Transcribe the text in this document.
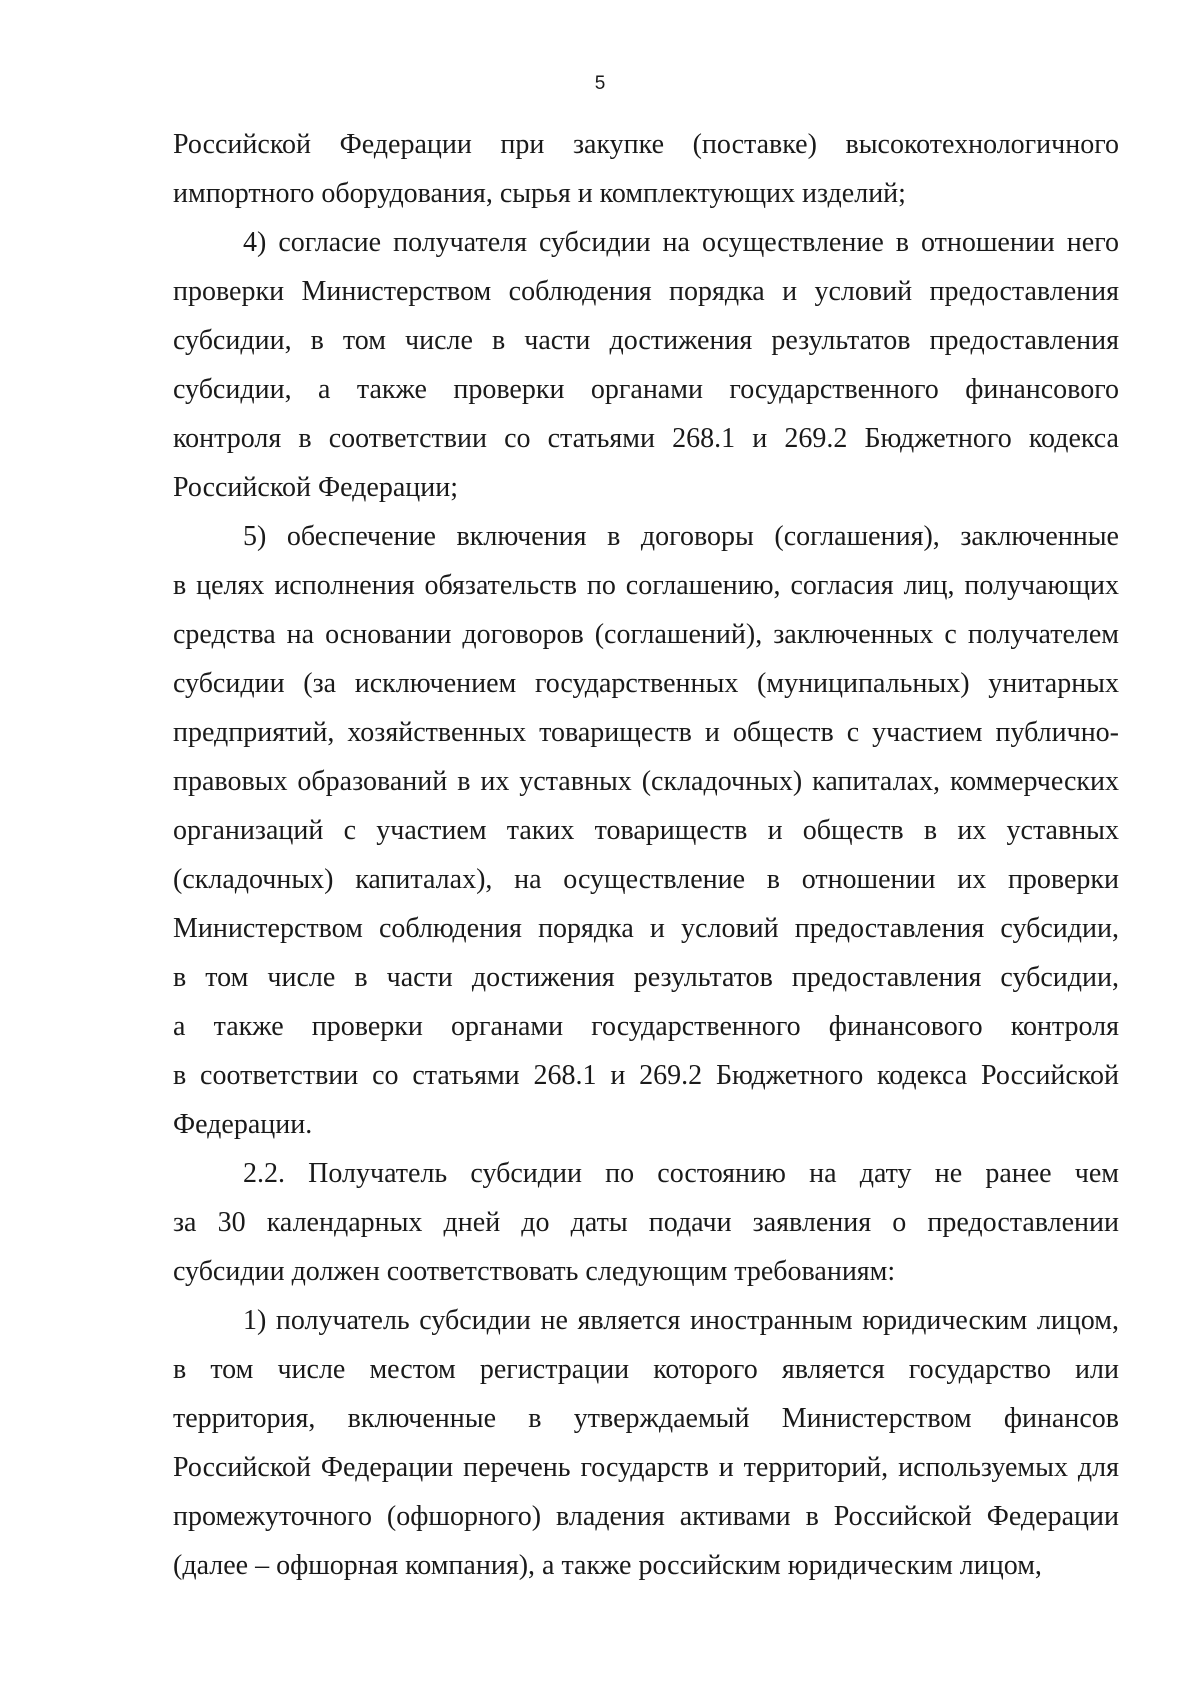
5
Российской Федерации при закупке (поставке) высокотехнологичного
импортного оборудования, сырья и комплектующих изделий;
4) согласие получателя субсидии на осуществление в отношении него
проверки Министерством соблюдения порядка и условий предоставления
субсидии, в том числе в части достижения результатов предоставления
субсидии, а также проверки органами государственного финансового
контроля в соответствии со статьями 268.1 и 269.2 Бюджетного кодекса
Российской Федерации;
5) обеспечение включения в договоры (соглашения), заключенные
в целях исполнения обязательств по соглашению, согласия лиц, получающих
средства на основании договоров (соглашений), заключенных с получателем
субсидии (за исключением государственных (муниципальных) унитарных
предприятий, хозяйственных товариществ и обществ с участием публично-
правовых образований в их уставных (складочных) капиталах, коммерческих
организаций с участием таких товариществ и обществ в их уставных
(складочных) капиталах), на осуществление в отношении их проверки
Министерством соблюдения порядка и условий предоставления субсидии,
в том числе в части достижения результатов предоставления субсидии,
а также проверки органами государственного финансового контроля
в соответствии со статьями 268.1 и 269.2 Бюджетного кодекса Российской
Федерации.
2.2. Получатель субсидии по состоянию на дату не ранее чем
за 30 календарных дней до даты подачи заявления о предоставлении
субсидии должен соответствовать следующим требованиям:
1) получатель субсидии не является иностранным юридическим лицом,
в том числе местом регистрации которого является государство или
территория, включенные в утверждаемый Министерством финансов
Российской Федерации перечень государств и территорий, используемых для
промежуточного (офшорного) владения активами в Российской Федерации
(далее – офшорная компания), а также российским юридическим лицом,
